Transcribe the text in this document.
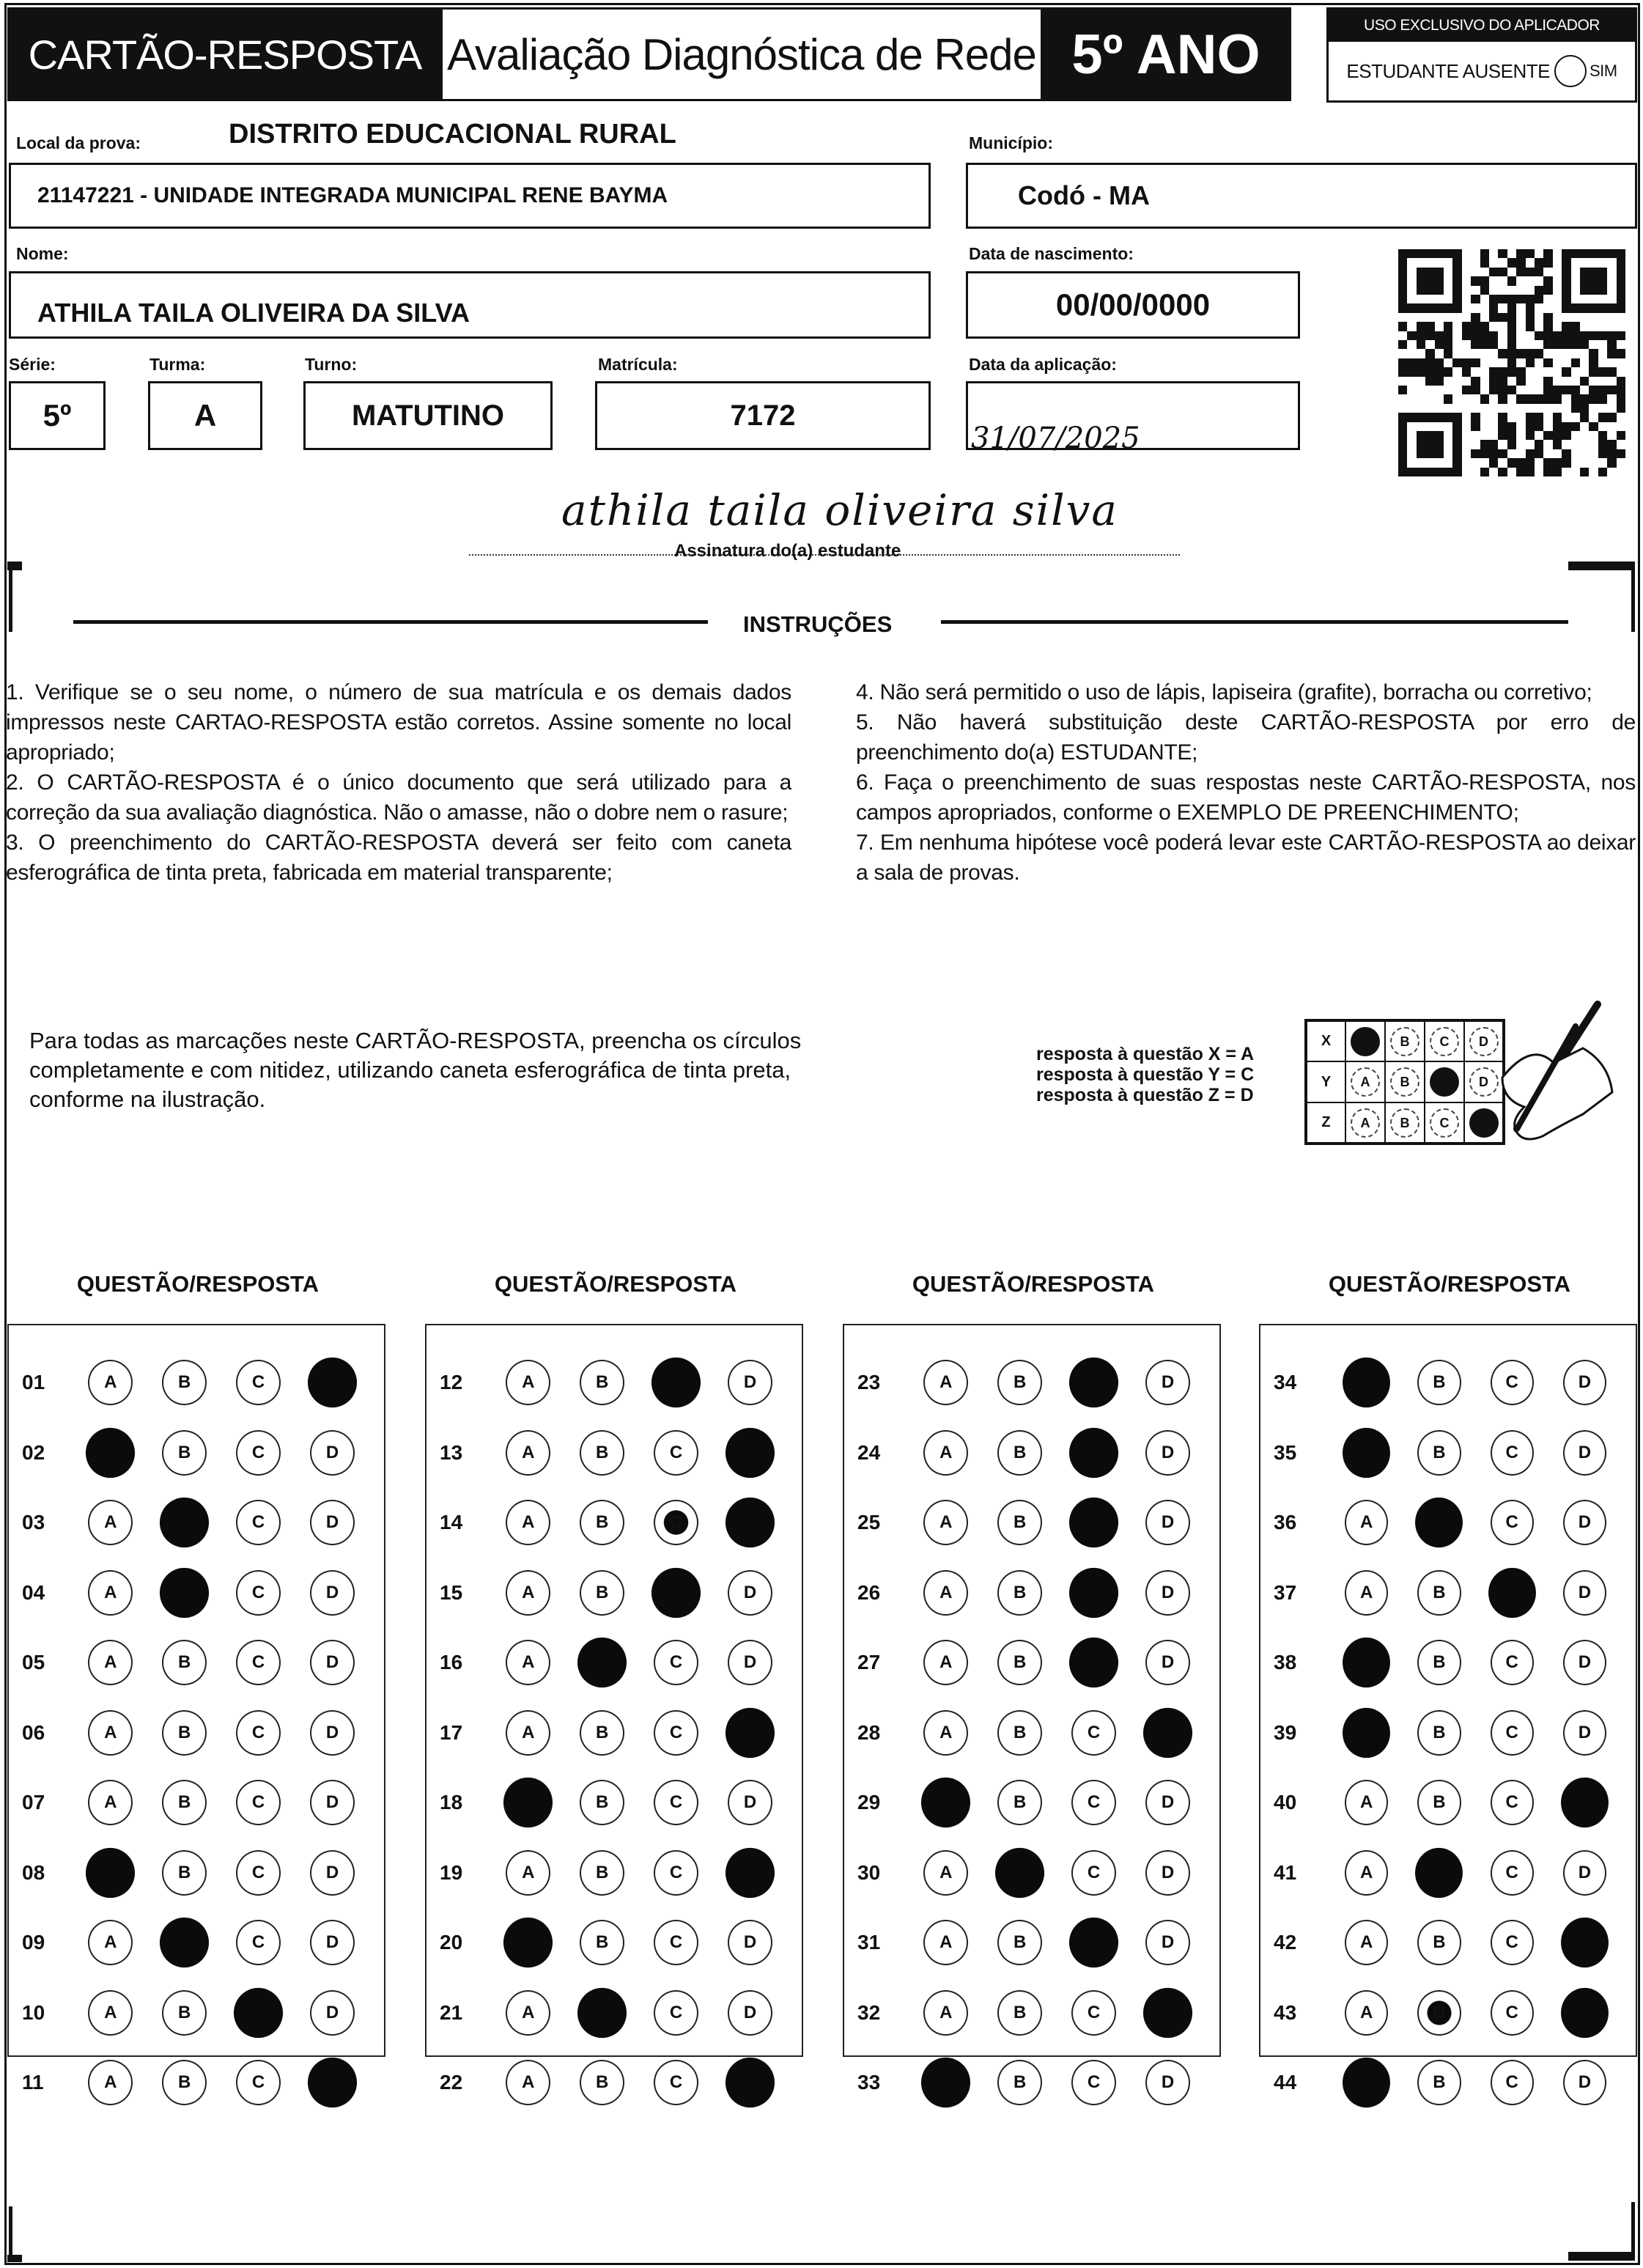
CARTÃO-RESPOSTA Avaliação Diagnóstica de Rede 5º ANO	USO EXCLUSIVO DO APLICADOR
ESTUDANTE AUSENTE SIM
Local da prova:	DISTRITO EDUCACIONAL RURAL
21147221 - UNIDADE INTEGRADA MUNICIPAL RENE BAYMA
Município:
Codó - MA
Nome:
ATHILA TAILA OLIVEIRA DA SILVA
Data de nascimento:
00/00/0000
Série:
5º
Turma:
A
Turno:
MATUTINO
Matrícula:
7172
Data da aplicação:
31/07/2025
athila taila oliveira silva
Assinatura do(a) estudante
INSTRUÇÕES

1. Verifique se o seu nome, o número de sua matrícula e os demais dados impressos neste CARTAO-RESPOSTA estão corretos. Assine somente no local apropriado;

2. O CARTÃO-RESPOSTA é o único documento que será utilizado para a correção da sua avaliação diagnóstica. Não o amasse, não o dobre nem o rasure;

3. O preenchimento do CARTÃO-RESPOSTA deverá ser feito com caneta esferográfica de tinta preta, fabricada em material transparente;

4. Não será permitido o uso de lápis, lapiseira (grafite), borracha ou corretivo;

5. Não haverá substituição deste CARTÃO-RESPOSTA por erro de preenchimento do(a) ESTUDANTE;

6. Faça o preenchimento de suas respostas neste CARTÃO-RESPOSTA, nos campos apropriados, conforme o EXEMPLO DE PREENCHIMENTO;

7. Em nenhuma hipótese você poderá levar este CARTÃO-RESPOSTA ao deixar a sala de provas.

Para todas as marcações neste CARTÃO-RESPOSTA, preencha os círculos completamente e com nitidez, utilizando caneta esferográfica de tinta preta, conforme na ilustração.
resposta à questão X = A
resposta à questão Y = C
resposta à questão Z = D
X	A	B	C	D
Y	A	B	C	D
Z	A	B	C	D
QUESTÃO/RESPOSTA
01	A	B	C	D
02	A	B	C	D
03	A	B	C	D
04	A	B	C	D
05	A	B	C	D
06	A	B	C	D
07	A	B	C	D
08	A	B	C	D
09	A	B	C	D
10	A	B	C	D
11	A	B	C	D
QUESTÃO/RESPOSTA
12	A	B	C	D
13	A	B	C	D
14	A	B	C	D
15	A	B	C	D
16	A	B	C	D
17	A	B	C	D
18	A	B	C	D
19	A	B	C	D
20	A	B	C	D
21	A	B	C	D
22	A	B	C	D
QUESTÃO/RESPOSTA
23	A	B	C	D
24	A	B	C	D
25	A	B	C	D
26	A	B	C	D
27	A	B	C	D
28	A	B	C	D
29	A	B	C	D
30	A	B	C	D
31	A	B	C	D
32	A	B	C	D
33	A	B	C	D
QUESTÃO/RESPOSTA
34	A	B	C	D
35	A	B	C	D
36	A	B	C	D
37	A	B	C	D
38	A	B	C	D
39	A	B	C	D
40	A	B	C	D
41	A	B	C	D
42	A	B	C	D
43	A	B	C	D
44	A	B	C	D
